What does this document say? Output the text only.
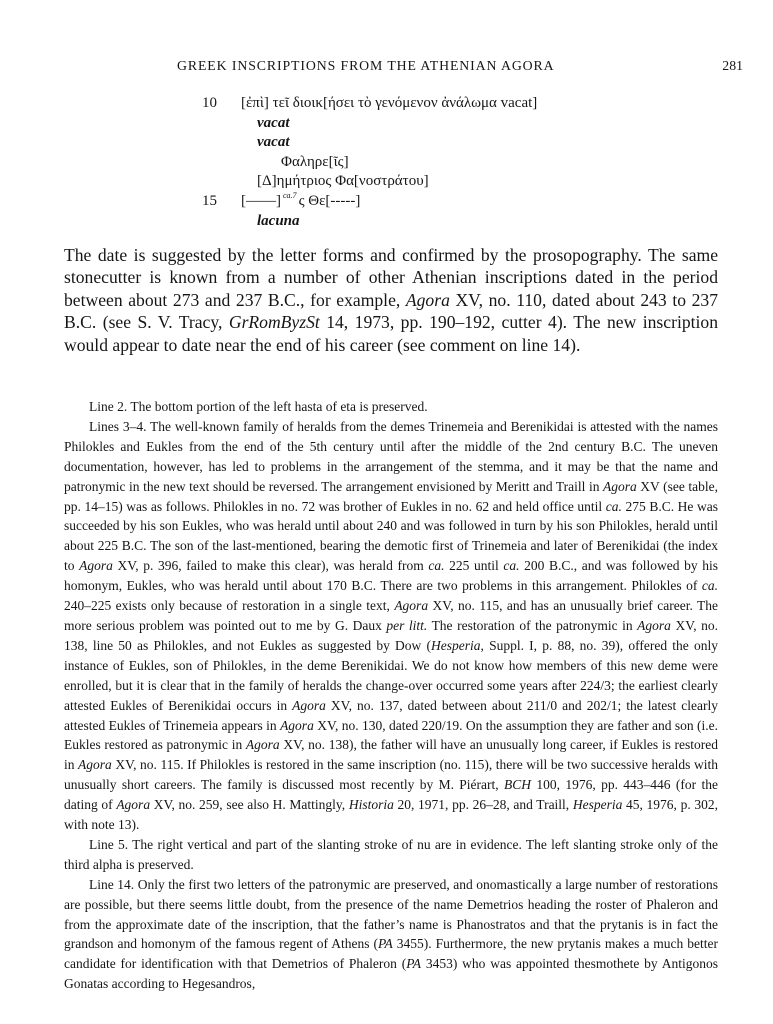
GREEK INSCRIPTIONS FROM THE ATHENIAN AGORA	281
10	[ἐπὶ] τεῖ διοικ[ήσει τὸ γενόμενον ἀνάλωμα vacat]
vacat
vacat
Φαληρε[ῖς]
[Δ]ημήτριος Φα[νοστράτου]
15	[——] $^{ca.7}$ ς Θε[-----]
lacuna

The date is suggested by the letter forms and confirmed by the prosopography. The same stonecutter is known from a number of other Athenian inscriptions dated in the period between about 273 and 237 B.C., for example, Agora XV, no. 110, dated about 243 to 237 B.C. (see S. V. Tracy, GrRomByzSt 14, 1973, pp. 190–192, cutter 4). The new inscription would appear to date near the end of his career (see comment on line 14).

Line 2. The bottom portion of the left hasta of eta is preserved.

Lines 3–4. The well-known family of heralds from the demes Trinemeia and Berenikidai is attested with the names Philokles and Eukles from the end of the 5th century until after the middle of the 2nd century B.C. The uneven documentation, however, has led to problems in the arrangement of the stemma, and it may be that the name and patronymic in the new text should be reversed. The arrangement envisioned by Meritt and Traill in Agora XV (see table, pp. 14–15) was as follows. Philokles in no. 72 was brother of Eukles in no. 62 and held office until ca. 275 B.C. He was succeeded by his son Eukles, who was herald until about 240 and was followed in turn by his son Philokles, herald until about 225 B.C. The son of the last-mentioned, bearing the demotic first of Trinemeia and later of Berenikidai (the index to Agora XV, p. 396, failed to make this clear), was herald from ca. 225 until ca. 200 B.C., and was followed by his homonym, Eukles, who was herald until about 170 B.C. There are two problems in this arrangement. Philokles of ca. 240–225 exists only because of restoration in a single text, Agora XV, no. 115, and has an unusually brief career. The more serious problem was pointed out to me by G. Daux per litt. The restoration of the patronymic in Agora XV, no. 138, line 50 as Philokles, and not Eukles as suggested by Dow (Hesperia, Suppl. I, p. 88, no. 39), offered the only instance of Eukles, son of Philokles, in the deme Berenikidai. We do not know how members of this new deme were enrolled, but it is clear that in the family of heralds the change-over occurred some years after 224/3; the earliest clearly attested Eukles of Berenikidai occurs in Agora XV, no. 137, dated between about 211/0 and 202/1; the latest clearly attested Eukles of Trinemeia appears in Agora XV, no. 130, dated 220/19. On the assumption they are father and son (i.e. Eukles restored as patronymic in Agora XV, no. 138), the father will have an unusually long career, if Eukles is restored in Agora XV, no. 115. If Philokles is restored in the same inscription (no. 115), there will be two successive heralds with unusually short careers. The family is discussed most recently by M. Piérart, BCH 100, 1976, pp. 443–446 (for the dating of Agora XV, no. 259, see also H. Mattingly, Historia 20, 1971, pp. 26–28, and Traill, Hesperia 45, 1976, p. 302, with note 13).

Line 5. The right vertical and part of the slanting stroke of nu are in evidence. The left slanting stroke only of the third alpha is preserved.

Line 14. Only the first two letters of the patronymic are preserved, and onomastically a large number of restorations are possible, but there seems little doubt, from the presence of the name Demetrios heading the roster of Phaleron and from the approximate date of the inscription, that the father’s name is Phanostratos and that the prytanis is in fact the grandson and homonym of the famous regent of Athens (PA 3455). Furthermore, the new prytanis makes a much better candidate for identification with that Demetrios of Phaleron (PA 3453) who was appointed thesmothete by Antigonos Gonatas according to Hegesandros,
